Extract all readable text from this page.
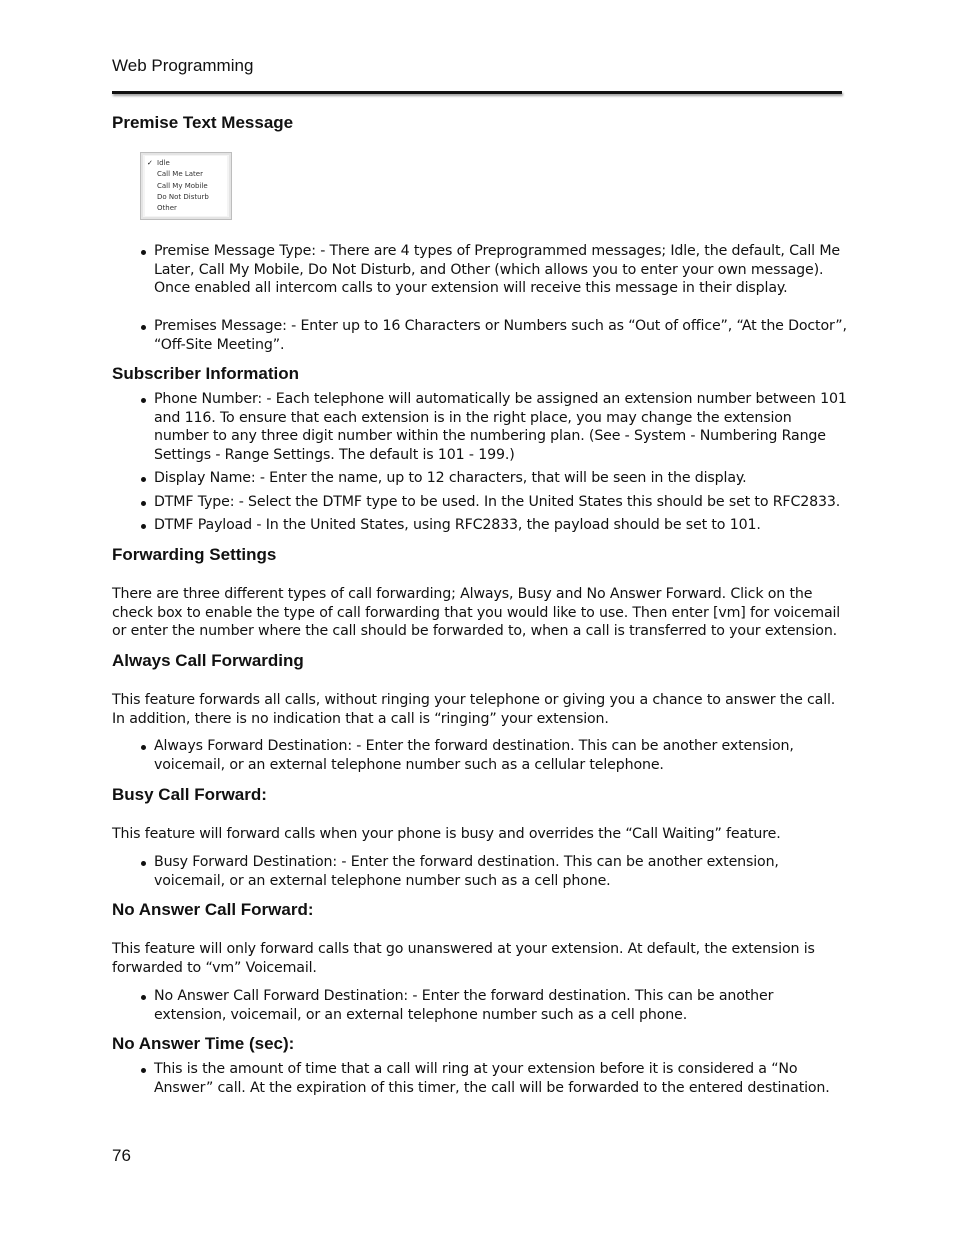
Web Programming
Premise Text Message
✓ Idle
Call Me Later
Call My Mobile
Do Not Disturb
Other
Premise Message Type: - There are 4 types of Preprogrammed messages; Idle, the default, Call Me Later, Call My Mobile, Do Not Disturb, and Other (which allows you to enter your own message). Once enabled all intercom calls to your extension will receive this message in their display.
Premises Message: - Enter up to 16 Characters or Numbers such as “Out of office”, “At the Doctor”, “Off-Site Meeting”.
Subscriber Information
Phone Number: - Each telephone will automatically be assigned an extension number between 101 and 116. To ensure that each extension is in the right place, you may change the extension number to any three digit number within the numbering plan. (See - System - Numbering Range Settings - Range Settings. The default is 101 - 199.)
Display Name: - Enter the name, up to 12 characters, that will be seen in the display.
DTMF Type: - Select the DTMF type to be used. In the United States this should be set to RFC2833.
DTMF Payload - In the United States, using RFC2833, the payload should be set to 101.
Forwarding Settings
There are three different types of call forwarding; Always, Busy and No Answer Forward. Click on the check box to enable the type of call forwarding that you would like to use. Then enter [vm] for voicemail or enter the number where the call should be forwarded to, when a call is transferred to your extension.
Always Call Forwarding
This feature forwards all calls, without ringing your telephone or giving you a chance to answer the call. In addition, there is no indication that a call is “ringing” your extension.
Always Forward Destination: - Enter the forward destination. This can be another extension, voicemail, or an external telephone number such as a cellular telephone.
Busy Call Forward:
This feature will forward calls when your phone is busy and overrides the “Call Waiting” feature.
Busy Forward Destination: - Enter the forward destination. This can be another extension, voicemail, or an external telephone number such as a cell phone.
No Answer Call Forward:
This feature will only forward calls that go unanswered at your extension. At default, the extension is forwarded to “vm” Voicemail.
No Answer Call Forward Destination: - Enter the forward destination. This can be another extension, voicemail, or an external telephone number such as a cell phone.
No Answer Time (sec):
This is the amount of time that a call will ring at your extension before it is considered a “No Answer” call. At the expiration of this timer, the call will be forwarded to the entered destination.
76
